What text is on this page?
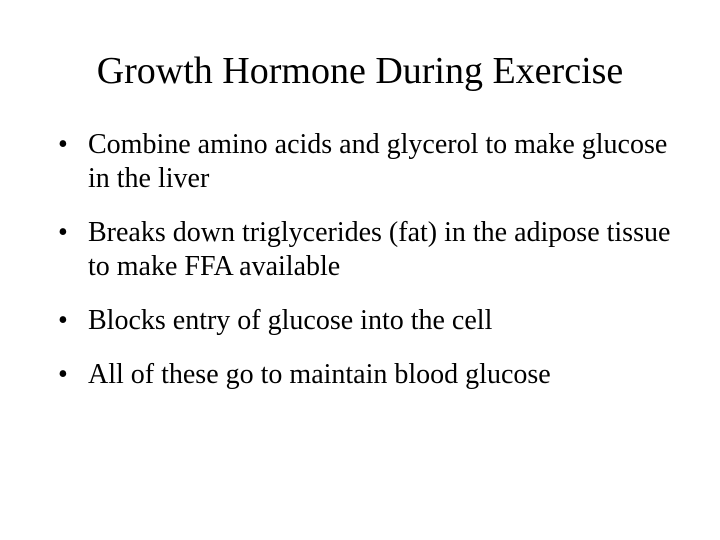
Growth Hormone During Exercise
• Combine amino acids and glycerol to make glucose in the liver
• Breaks down triglycerides (fat) in the adipose tissue to make FFA available
• Blocks entry of glucose into the cell
• All of these go to maintain blood glucose
